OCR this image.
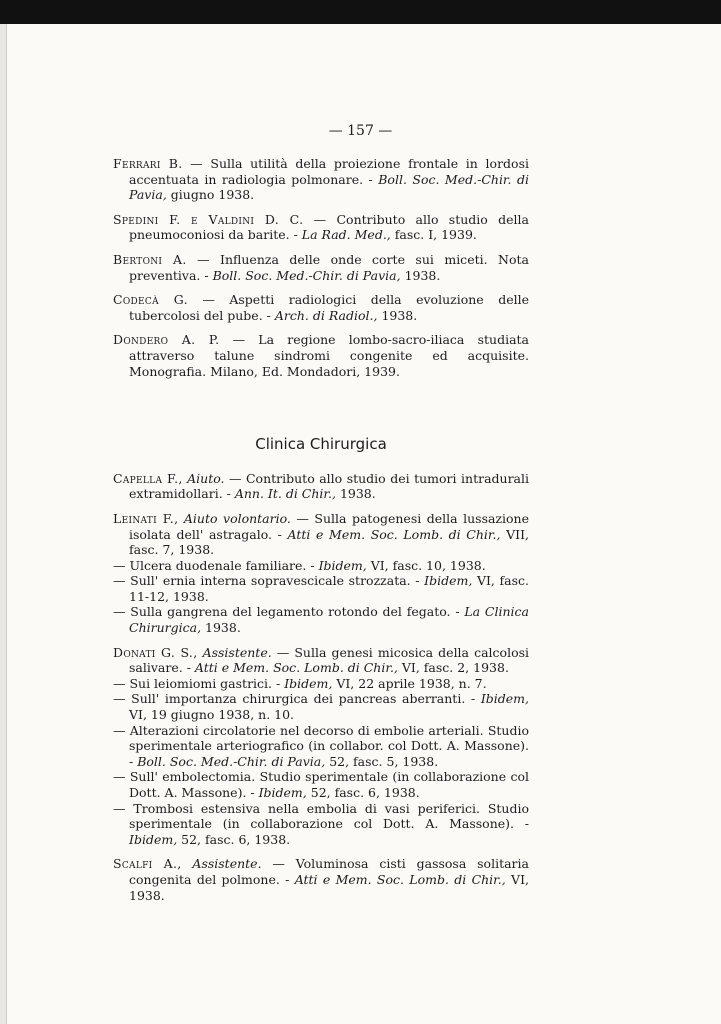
— 157 —

Ferrari B. — Sulla utilità della proiezione frontale in lordosi accentuata in radiologia polmonare. - Boll. Soc. Med.-Chir. di Pavia, giugno 1938.

Spedini F. e Valdini D. C. — Contributo allo studio della pneumoconiosi da barite. - La Rad. Med., fasc. I, 1939.

Bertoni A. — Influenza delle onde corte sui miceti. Nota preventiva. - Boll. Soc. Med.-Chir. di Pavia, 1938.

Codecà G. — Aspetti radiologici della evoluzione delle tubercolosi del pube. - Arch. di Radiol., 1938.

Dondero A. P. — La regione lombo-sacro-iliaca studiata attraverso talune sindromi congenite ed acquisite. Monografia. Milano, Ed. Mondadori, 1939.

Clinica Chirurgica

Capella F., Aiuto. — Contributo allo studio dei tumori intradurali extramidollari. - Ann. It. di Chir., 1938.

Leinati F., Aiuto volontario. — Sulla patogenesi della lussazione isolata dell' astragalo. - Atti e Mem. Soc. Lomb. di Chir., VII, fasc. 7, 1938.

— Ulcera duodenale familiare. - Ibidem, VI, fasc. 10, 1938.

— Sull' ernia interna sopravescicale strozzata. - Ibidem, VI, fasc. 11-12, 1938.

— Sulla gangrena del legamento rotondo del fegato. - La Clinica Chirurgica, 1938.

Donati G. S., Assistente. — Sulla genesi micosica della calcolosi salivare. - Atti e Mem. Soc. Lomb. di Chir., VI, fasc. 2, 1938.

— Sui leiomiomi gastrici. - Ibidem, VI, 22 aprile 1938, n. 7.

— Sull' importanza chirurgica dei pancreas aberranti. - Ibidem, VI, 19 giugno 1938, n. 10.

— Alterazioni circolatorie nel decorso di embolie arteriali. Studio sperimentale arteriografico (in collabor. col Dott. A. Massone). - Boll. Soc. Med.-Chir. di Pavia, 52, fasc. 5, 1938.

— Sull' embolectomia. Studio sperimentale (in collaborazione col Dott. A. Massone). - Ibidem, 52, fasc. 6, 1938.

— Trombosi estensiva nella embolia di vasi periferici. Studio sperimentale (in collaborazione col Dott. A. Massone). - Ibidem, 52, fasc. 6, 1938.

Scalfi A., Assistente. — Voluminosa cisti gassosa solitaria congenita del polmone. - Atti e Mem. Soc. Lomb. di Chir., VI, 1938.
